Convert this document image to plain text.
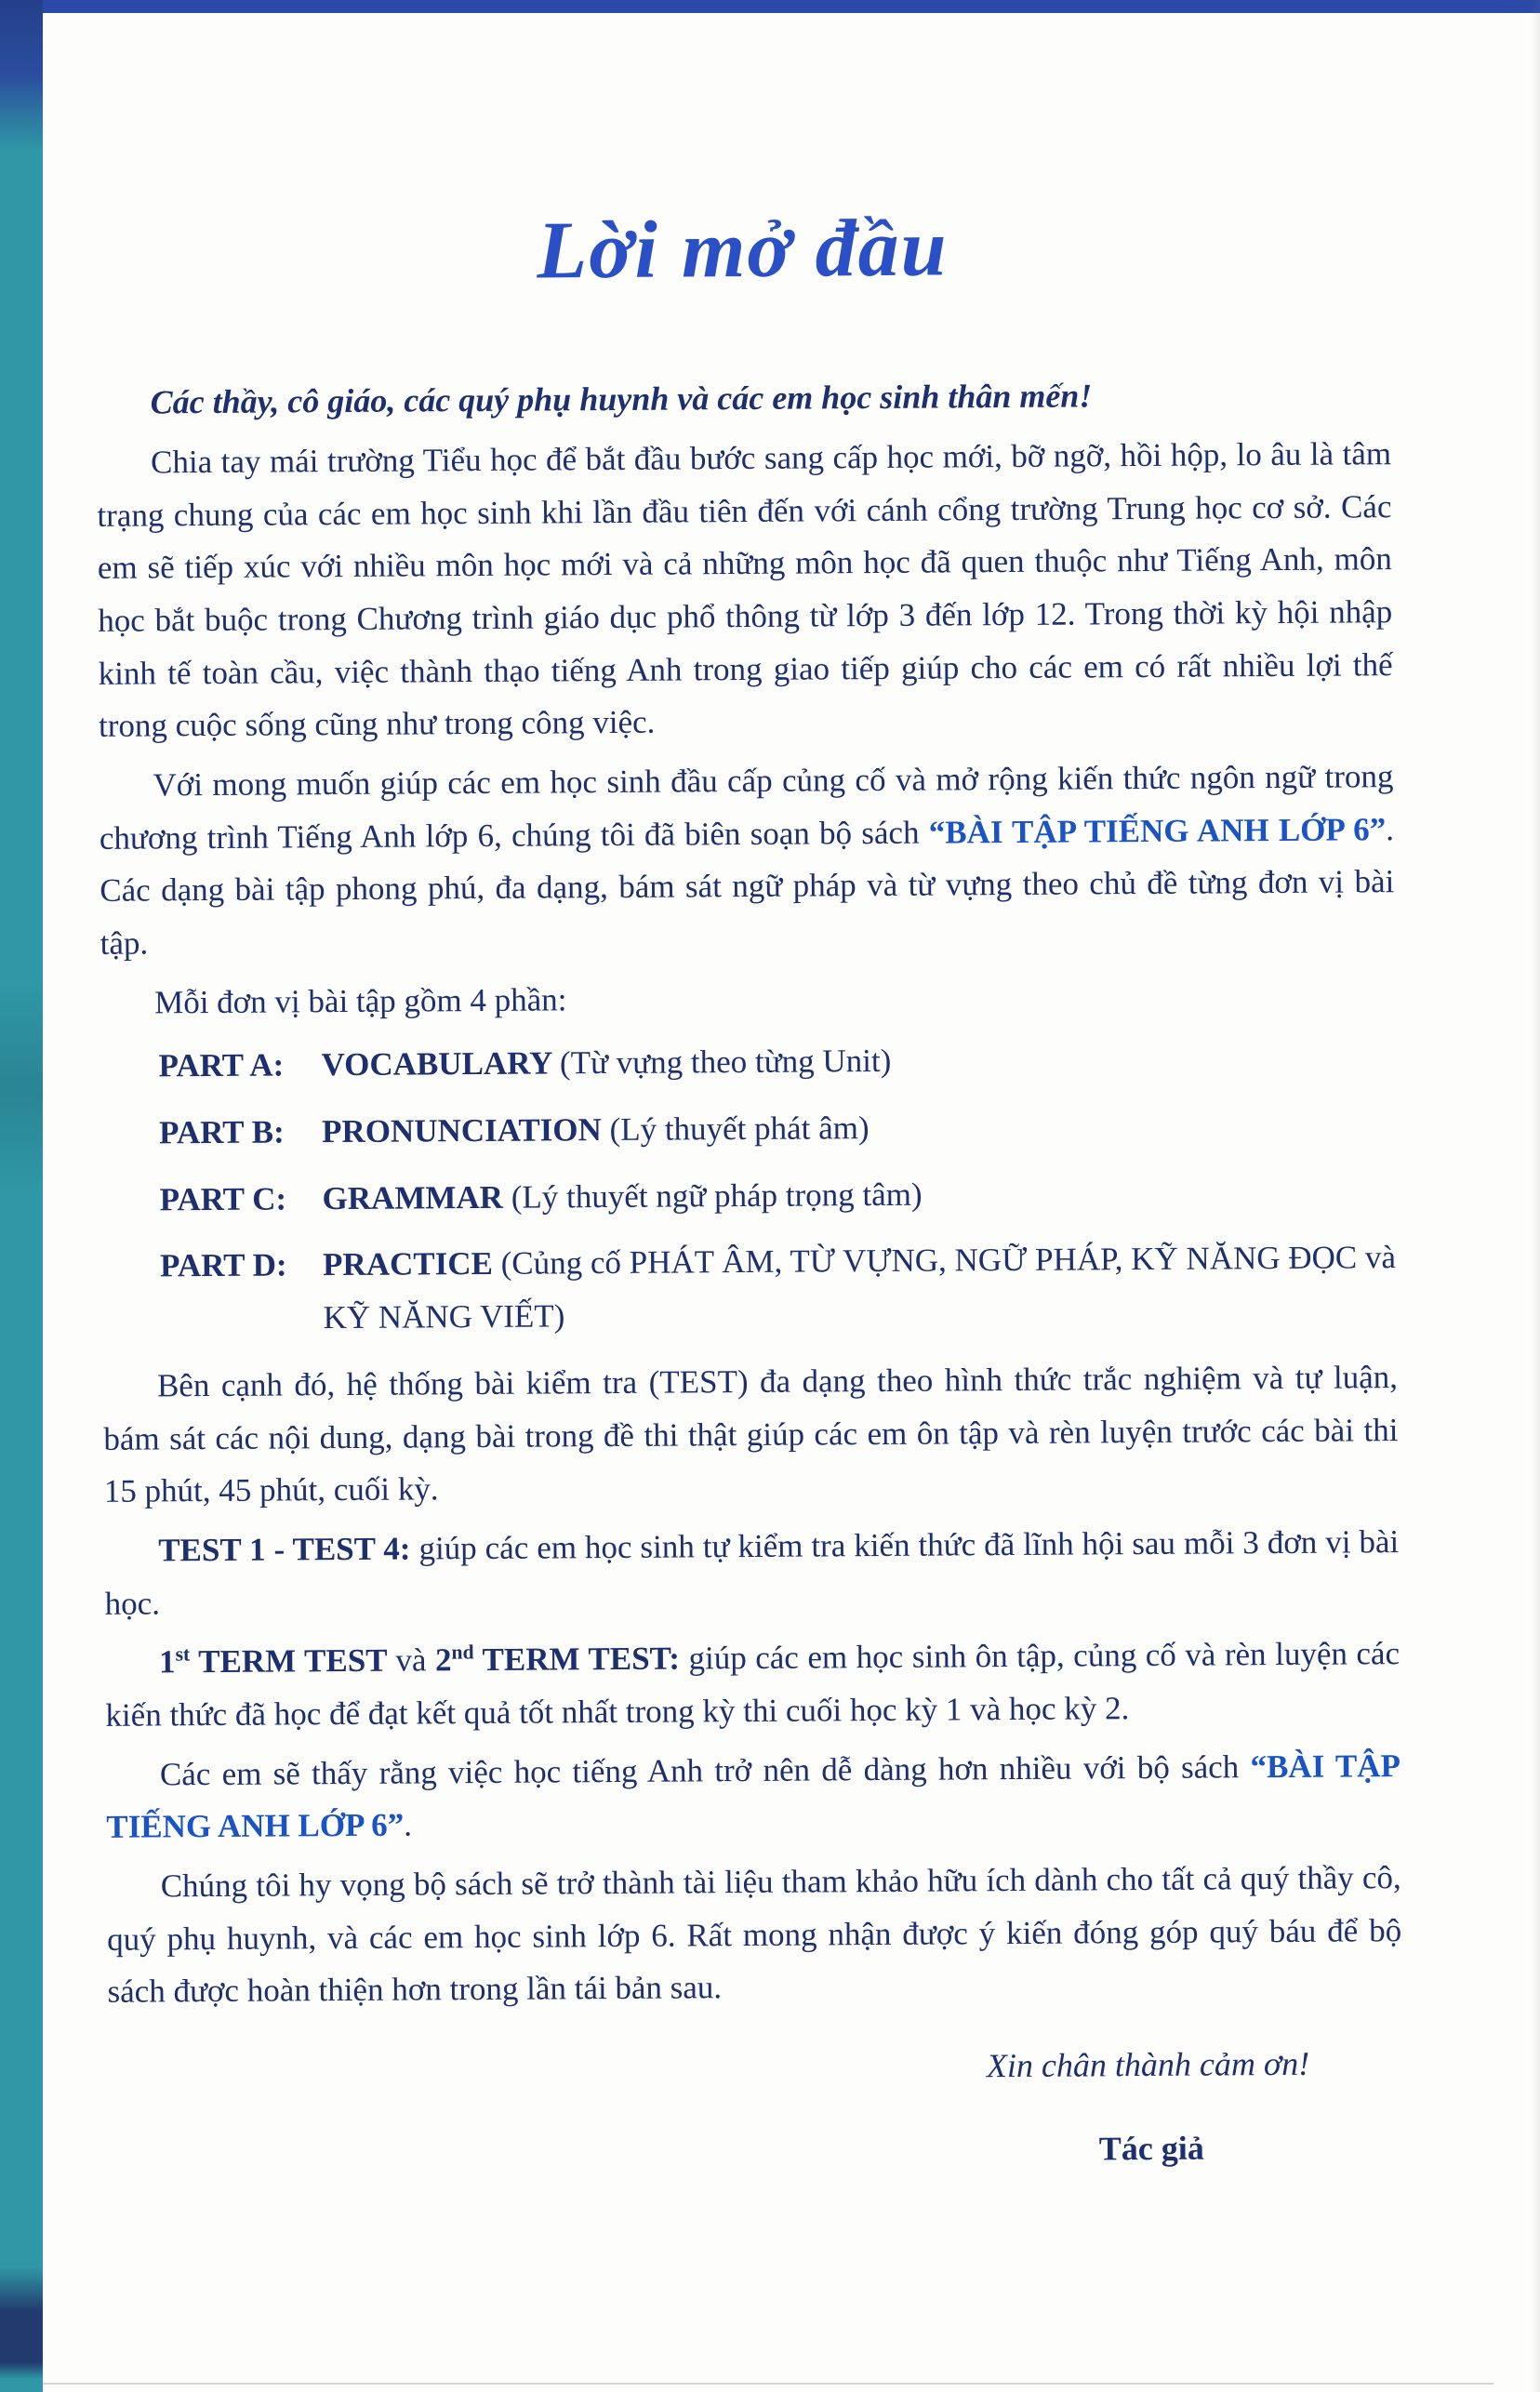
Lời mở đầu

Các thầy, cô giáo, các quý phụ huynh và các em học sinh thân mến!

Chia tay mái trường Tiểu học để bắt đầu bước sang cấp học mới, bỡ ngỡ, hồi hộp, lo âu là tâm trạng chung của các em học sinh khi lần đầu tiên đến với cánh cổng trường Trung học cơ sở. Các em sẽ tiếp xúc với nhiều môn học mới và cả những môn học đã quen thuộc như Tiếng Anh, môn học bắt buộc trong Chương trình giáo dục phổ thông từ lớp 3 đến lớp 12. Trong thời kỳ hội nhập kinh tế toàn cầu, việc thành thạo tiếng Anh trong giao tiếp giúp cho các em có rất nhiều lợi thế trong cuộc sống cũng như trong công việc.

Với mong muốn giúp các em học sinh đầu cấp củng cố và mở rộng kiến thức ngôn ngữ trong chương trình Tiếng Anh lớp 6, chúng tôi đã biên soạn bộ sách “BÀI TẬP TIẾNG ANH LỚP 6”. Các dạng bài tập phong phú, đa dạng, bám sát ngữ pháp và từ vựng theo chủ đề từng đơn vị bài tập.

Mỗi đơn vị bài tập gồm 4 phần:

PART A:	VOCABULARY (Từ vựng theo từng Unit)
PART B:	PRONUNCIATION (Lý thuyết phát âm)
PART C:	GRAMMAR (Lý thuyết ngữ pháp trọng tâm)
PART D:	PRACTICE (Củng cố PHÁT ÂM, TỪ VỰNG, NGỮ PHÁP, KỸ NĂNG ĐỌC và KỸ NĂNG VIẾT)

Bên cạnh đó, hệ thống bài kiểm tra (TEST) đa dạng theo hình thức trắc nghiệm và tự luận, bám sát các nội dung, dạng bài trong đề thi thật giúp các em ôn tập và rèn luyện trước các bài thi 15 phút, 45 phút, cuối kỳ.

TEST 1 - TEST 4: giúp các em học sinh tự kiểm tra kiến thức đã lĩnh hội sau mỗi 3 đơn vị bài học.

1st TERM TEST và 2nd TERM TEST: giúp các em học sinh ôn tập, củng cố và rèn luyện các kiến thức đã học để đạt kết quả tốt nhất trong kỳ thi cuối học kỳ 1 và học kỳ 2.

Các em sẽ thấy rằng việc học tiếng Anh trở nên dễ dàng hơn nhiều với bộ sách “BÀI TẬP TIẾNG ANH LỚP 6”.

Chúng tôi hy vọng bộ sách sẽ trở thành tài liệu tham khảo hữu ích dành cho tất cả quý thầy cô, quý phụ huynh, và các em học sinh lớp 6. Rất mong nhận được ý kiến đóng góp quý báu để bộ sách được hoàn thiện hơn trong lần tái bản sau.

Xin chân thành cảm ơn!

Tác giả
